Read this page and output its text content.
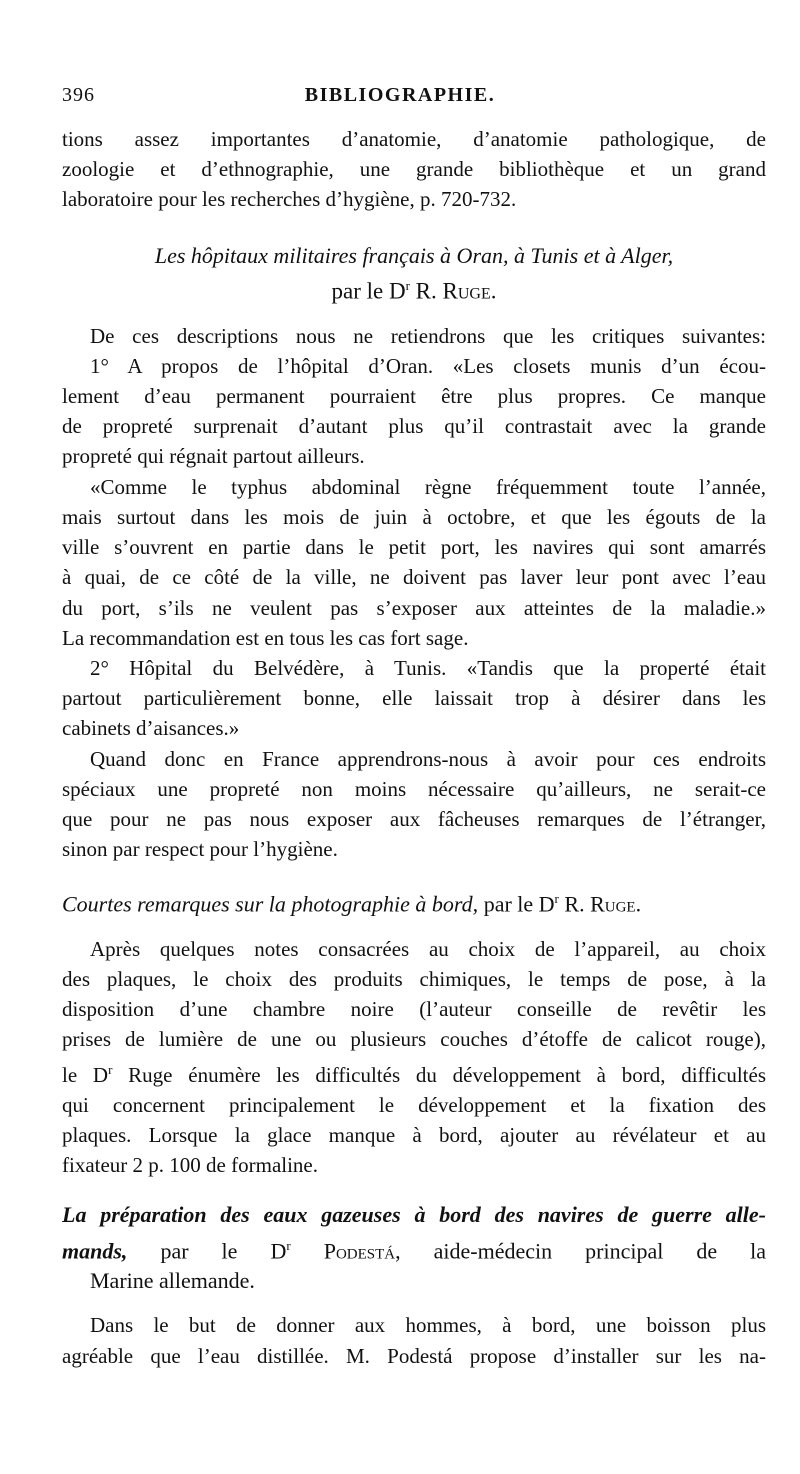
396	BIBLIOGRAPHIE.
tions assez importantes d’anatomie, d’anatomie pathologique, de
zoologie et d’ethnographie, une grande bibliothèque et un grand
laboratoire pour les recherches d’hygiène, p. 720-732.
Les hôpitaux militaires français à Oran, à Tunis et à Alger,
par le $D^r$ R. Ruge.
De ces descriptions nous ne retiendrons que les critiques suivantes:
1° A propos de l’hôpital d’Oran. «Les closets munis d’un écou-
lement d’eau permanent pourraient être plus propres. Ce manque
de propreté surprenait d’autant plus qu’il contrastait avec la grande
propreté qui régnait partout ailleurs.
«Comme le typhus abdominal règne fréquemment toute l’année,
mais surtout dans les mois de juin à octobre, et que les égouts de la
ville s’ouvrent en partie dans le petit port, les navires qui sont amarrés
à quai, de ce côté de la ville, ne doivent pas laver leur pont avec l’eau
du port, s’ils ne veulent pas s’exposer aux atteintes de la maladie.»
La recommandation est en tous les cas fort sage.
2° Hôpital du Belvédère, à Tunis. «Tandis que la properté était
partout particulièrement bonne, elle laissait trop à désirer dans les
cabinets d’aisances.»
Quand donc en France apprendrons-nous à avoir pour ces endroits
spéciaux une propreté non moins nécessaire qu’ailleurs, ne serait-ce
que pour ne pas nous exposer aux fâcheuses remarques de l’étranger,
sinon par respect pour l’hygiène.
Courtes remarques sur la photographie à bord, par le $D^r$ R. Ruge.
Après quelques notes consacrées au choix de l’appareil, au choix
des plaques, le choix des produits chimiques, le temps de pose, à la
disposition d’une chambre noire (l’auteur conseille de revêtir les
prises de lumière de une ou plusieurs couches d’étoffe de calicot rouge),
le $D^r$ Ruge énumère les difficultés du développement à bord, difficultés
qui concernent principalement le développement et la fixation des
plaques. Lorsque la glace manque à bord, ajouter au révélateur et au
fixateur 2 p. 100 de formaline.
La préparation des eaux gazeuses à bord des navires de guerre alle-
mands, par le $D^r$ Podestá, aide-médecin principal de la
Marine allemande.
Dans le but de donner aux hommes, à bord, une boisson plus
agréable que l’eau distillée. M. Podestá propose d’installer sur les na-
